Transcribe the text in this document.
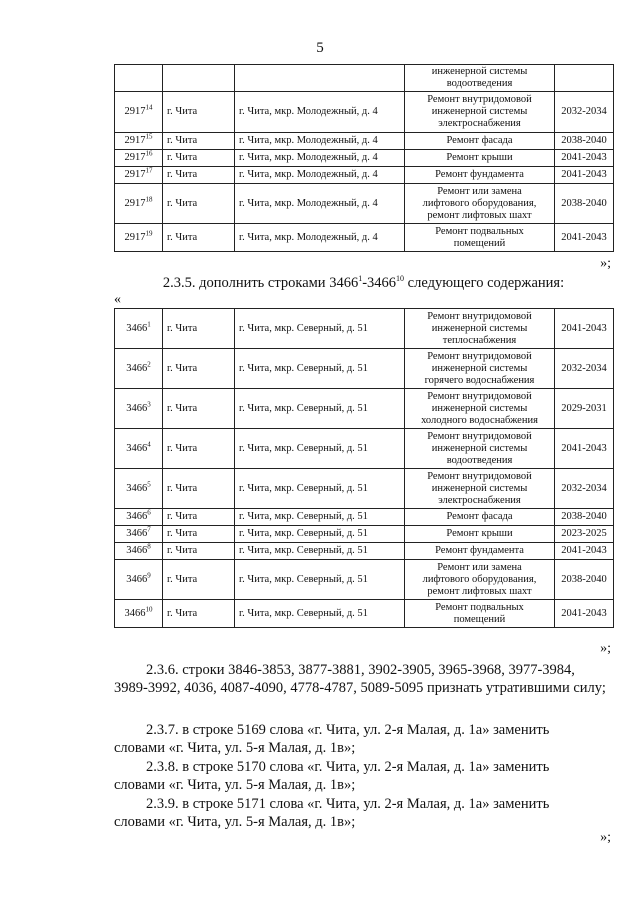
5

			инженерной системы
водоотведения	

2917$^{14}$	г. Чита	г. Чита, мкр. Молодежный, д. 4	Ремонт внутридомовой
инженерной системы
электроснабжения	2032-2034
2917$^{15}$	г. Чита	г. Чита, мкр. Молодежный, д. 4	Ремонт фасада	2038-2040
2917$^{16}$	г. Чита	г. Чита, мкр. Молодежный, д. 4	Ремонт крыши	2041-2043
2917$^{17}$	г. Чита	г. Чита, мкр. Молодежный, д. 4	Ремонт фундамента	2041-2043
2917$^{18}$	г. Чита	г. Чита, мкр. Молодежный, д. 4	Ремонт или замена
лифтового оборудования,
ремонт лифтовых шахт	2038-2040
2917$^{19}$	г. Чита	г. Чита, мкр. Молодежный, д. 4	Ремонт подвальных
помещений	2041-2043
»;
2.3.5. дополнить строками 3466$^1$-3466$^{10}$ следующего содержания:
«
3466$^1$	г. Чита	г. Чита, мкр. Северный, д. 51	Ремонт внутридомовой
инженерной системы
теплоснабжения	2041-2043
3466$^2$	г. Чита	г. Чита, мкр. Северный, д. 51	Ремонт внутридомовой
инженерной системы
горячего водоснабжения	2032-2034
3466$^3$	г. Чита	г. Чита, мкр. Северный, д. 51	Ремонт внутридомовой
инженерной системы
холодного водоснабжения	2029-2031
3466$^4$	г. Чита	г. Чита, мкр. Северный, д. 51	Ремонт внутридомовой
инженерной системы
водоотведения	2041-2043
3466$^5$	г. Чита	г. Чита, мкр. Северный, д. 51	Ремонт внутридомовой
инженерной системы
электроснабжения	2032-2034
3466$^6$	г. Чита	г. Чита, мкр. Северный, д. 51	Ремонт фасада	2038-2040
3466$^7$	г. Чита	г. Чита, мкр. Северный, д. 51	Ремонт крыши	2023-2025
3466$^8$	г. Чита	г. Чита, мкр. Северный, д. 51	Ремонт фундамента	2041-2043
3466$^9$	г. Чита	г. Чита, мкр. Северный, д. 51	Ремонт или замена
лифтового оборудования,
ремонт лифтовых шахт	2038-2040
3466$^{10}$	г. Чита	г. Чита, мкр. Северный, д. 51	Ремонт подвальных
помещений	2041-2043
»;
2.3.6. строки 3846-3853, 3877-3881, 3902-3905, 3965-3968, 3977-3984,
3989-3992, 4036, 4087-4090, 4778-4787, 5089-5095 признать утратившими силу;
2.3.7. в строке 5169 слова «г. Чита, ул. 2-я Малая, д. 1а» заменить
словами «г. Чита, ул. 5-я Малая, д. 1в»;
2.3.8. в строке 5170 слова «г. Чита, ул. 2-я Малая, д. 1а» заменить
словами «г. Чита, ул. 5-я Малая, д. 1в»;
2.3.9. в строке 5171 слова «г. Чита, ул. 2-я Малая, д. 1а» заменить
словами «г. Чита, ул. 5-я Малая, д. 1в»;
»;
